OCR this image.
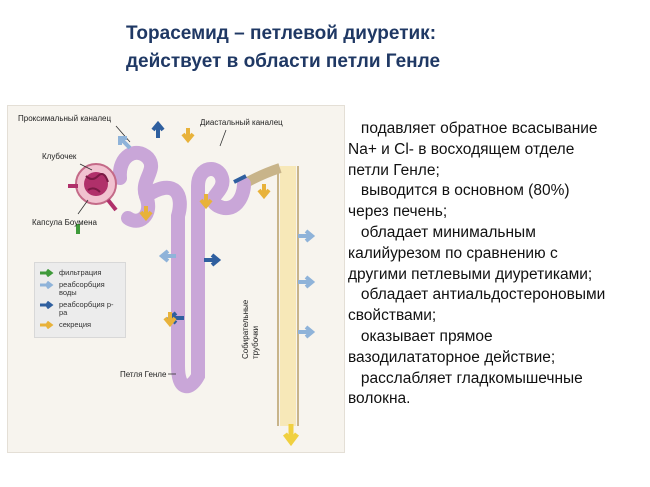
Торасемид – петлевой диуретик:
действует в области петли Генле
Проксимальный каналец
Клубочек
Капсула Боумена
Диастальный каналец
Петля Генле
Собирательные трубочки
фильтрация
реабсорбция воды
реабсорбция р-ра
секреция
подавляет обратное всасывание
Na+ и Cl- в восходящем отделе
петли Генле;
выводится в основном (80%)
через печень;
обладает минимальным
калийурезом по сравнению с
другими петлевыми диуретиками;
обладает антиальдостероновыми
свойствами;
оказывает прямое
вазодилататорное действие;
расслабляет гладкомышечные
волокна.
